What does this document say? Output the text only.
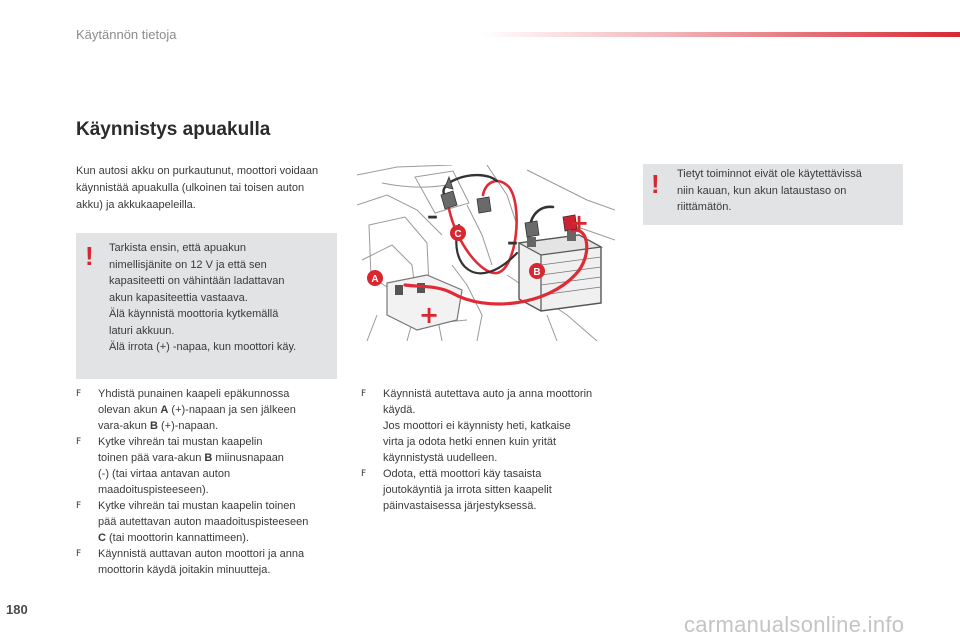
Käytännön tietoja
Käynnistys apuakulla

Kun autosi akku on purkautunut, moottori voidaan käynnistää apuakulla (ulkoinen tai toisen auton akku) ja akkukaapeleilla.

! Tarkista ensin, että apuakun
nimellisjänite on 12 V ja että sen
kapasiteetti on vähintään ladattavan
akun kapasiteettia vastaava.
Älä käynnistä moottoria kytkemällä
laturi akkuun.
Älä irrota (+) -napaa, kun moottori käy.
! Tietyt toiminnot eivät ole käytettävissä
niin kauan, kun akun lataustaso on
riittämätön.

F Yhdistä punainen kaapeli epäkunnossa
olevan akun A (+)-napaan ja sen jälkeen
vara-akun B (+)-napaan.

F Kytke vihreän tai mustan kaapelin
toinen pää vara-akun B miinusnapaan
(-) (tai virtaa antavan auton
maadoituspisteeseen).

F Kytke vihreän tai mustan kaapelin toinen
pää autettavan auton maadoituspisteeseen
C (tai moottorin kannattimeen).

F Käynnistä auttavan auton moottori ja anna
moottorin käydä joitakin minuutteja.

F Käynnistä autettava auto ja anna moottorin
käydä.
Jos moottori ei käynnisty heti, katkaise
virta ja odota hetki ennen kuin yrität
käynnistystä uudelleen.

F Odota, että moottori käy tasaista
joutokäyntiä ja irrota sitten kaapelit
päinvastaisessa järjestyksessä.

A
B
C	+
+
–
–
180
carmanualsonline.info
